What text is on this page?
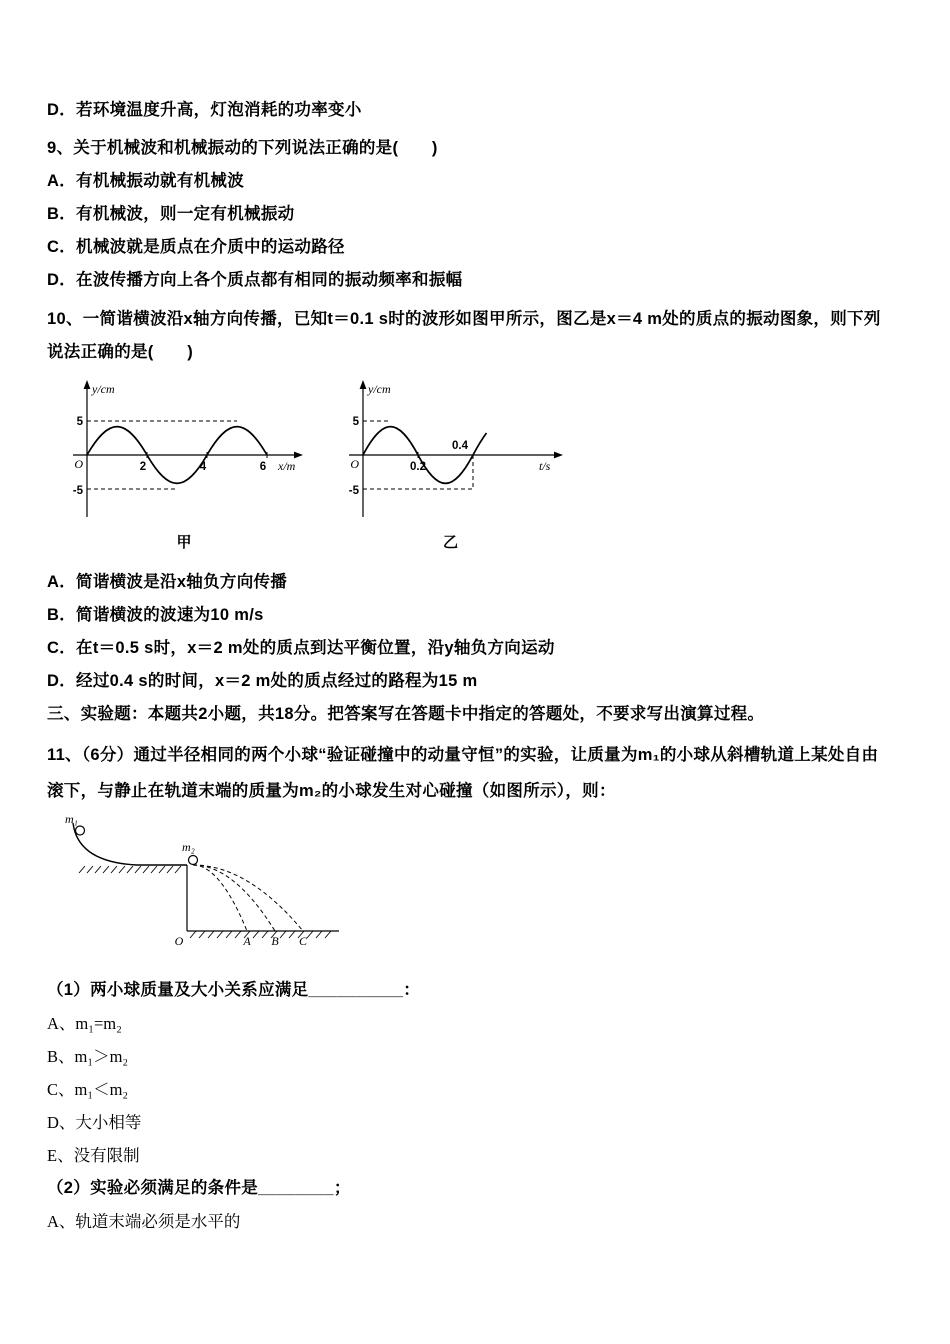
D．若环境温度升高，灯泡消耗的功率变小
9、关于机械波和机械振动的下列说法正确的是(　　)
A．有机械振动就有机械波
B．有机械波，则一定有机械振动
C．机械波就是质点在介质中的运动路径
D．在波传播方向上各个质点都有相同的振动频率和振幅
10、一简谐横波沿x轴方向传播，已知t＝0.1 s时的波形如图甲所示，图乙是x＝4 m处的质点的振动图象，则下列说法正确的是(　　)
y/cm
5
-5
O	2	4	6 x/m
甲
y/cm
5
-5
O	0.2
0.4
t/s
乙
A．简谐横波是沿x轴负方向传播
B．简谐横波的波速为10 m/s
C．在t＝0.5 s时，x＝2 m处的质点到达平衡位置，沿y轴负方向运动
D．经过0.4 s的时间，x＝2 m处的质点经过的路程为15 m
三、实验题：本题共2小题，共18分。把答案写在答题卡中指定的答题处，不要求写出演算过程。
11、（6分）通过半径相同的两个小球“验证碰撞中的动量守恒”的实验，让质量为m₁的小球从斜槽轨道上某处自由滚下，与静止在轨道末端的质量为m₂的小球发生对心碰撞（如图所示），则：
m₁
m₂
O	A B C
（1）两小球质量及大小关系应满足__________：
A、m₁=m₂
B、m₁＞m₂
C、m₁＜m₂
D、大小相等
E、没有限制
（2）实验必须满足的条件是________；
A、轨道末端必须是水平的
